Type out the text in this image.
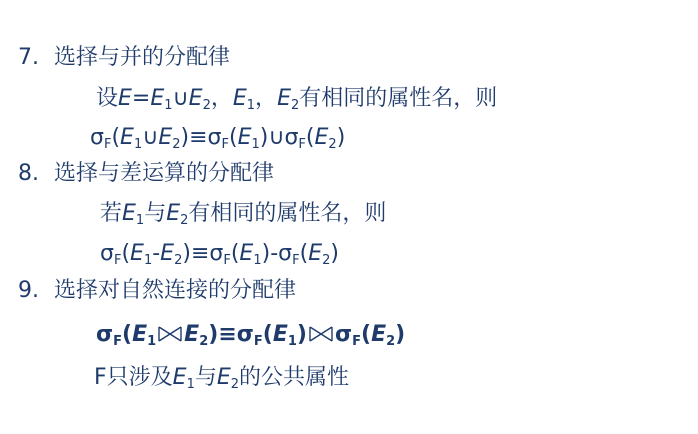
7. 选择与并的分配律
设$E=E_1\cup E_2$，$E_1$，$E_2$有相同的属性名，则
$\sigma_F(E_1\cup E_2)\equiv\sigma_F(E_1)\cup\sigma_F(E_2)$
8. 选择与差运算的分配律
若$E_1$与$E_2$有相同的属性名，则
$\sigma_F(E_1-E_2)\equiv\sigma_F(E_1)-\sigma_F(E_2)$
9. 选择对自然连接的分配律
$\sigma_F(E_1$ $E_2)\equiv\sigma_F(E_1)$ $\sigma_F(E_2)$
F只涉及$E_1$与$E_2$的公共属性
